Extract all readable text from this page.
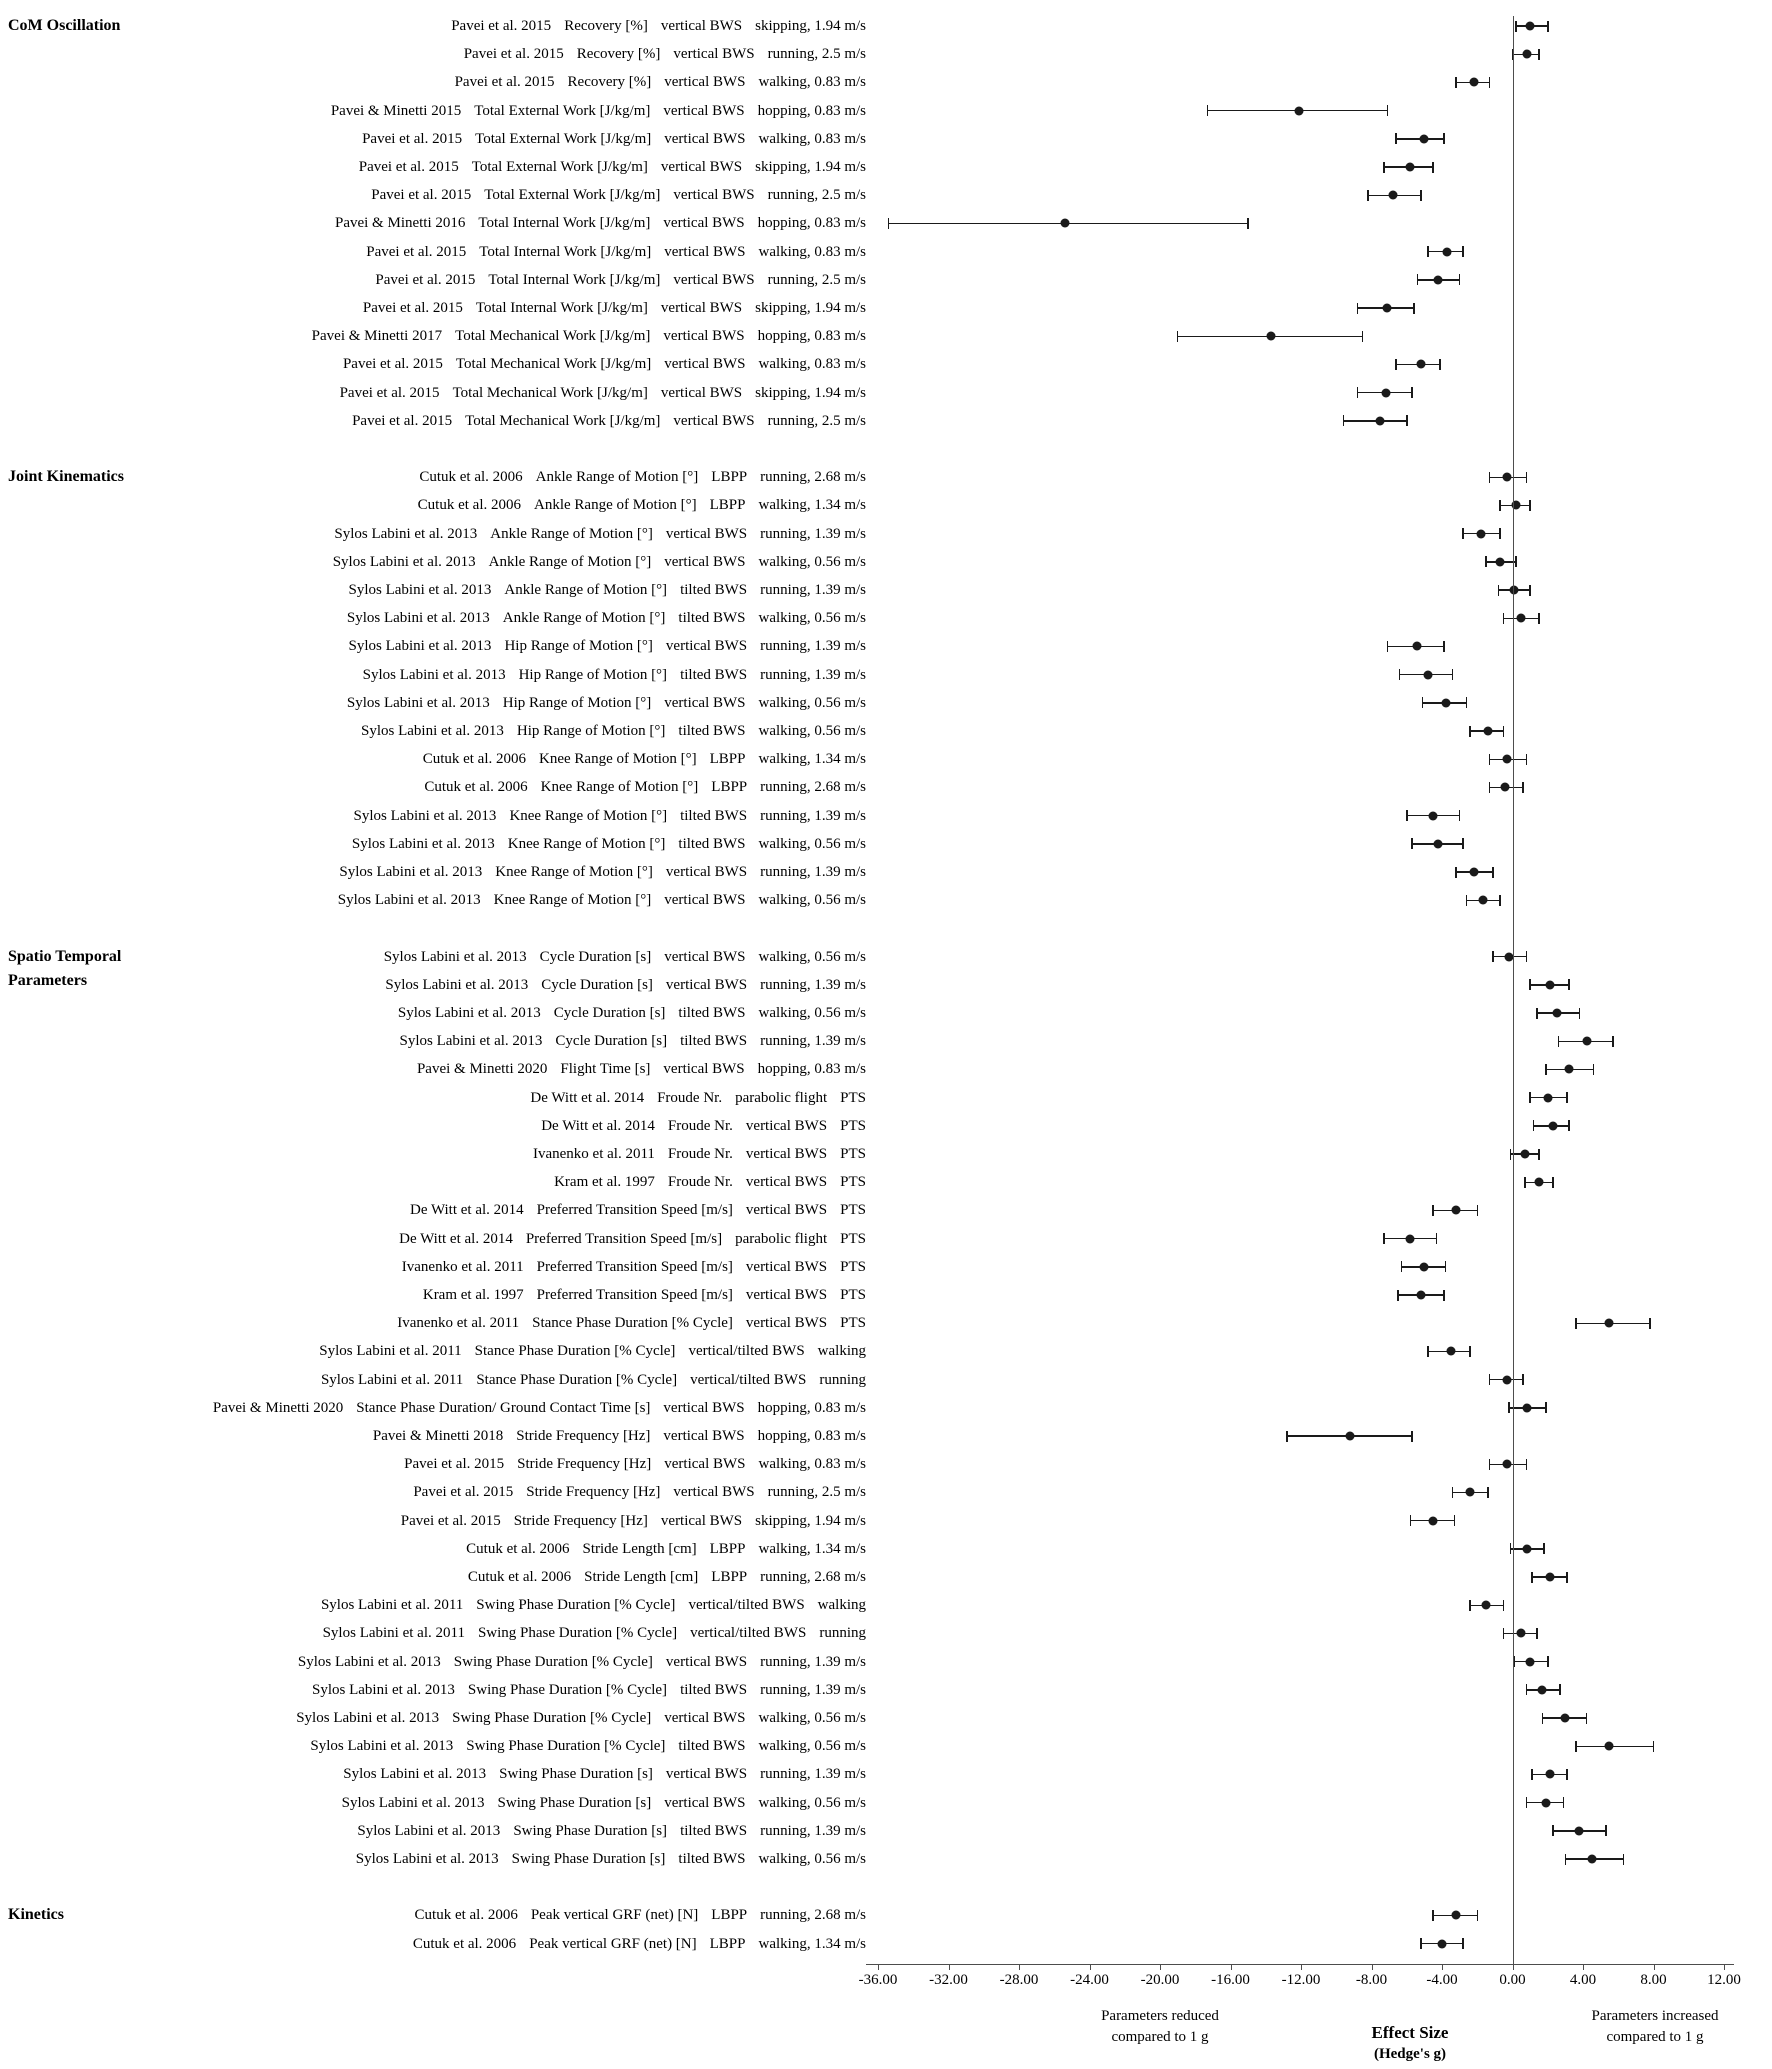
CoM Oscillation	Pavei et al. 2015 Recovery [%] vertical BWS skipping, 1.94 m/s
Pavei et al. 2015 Recovery [%] vertical BWS running, 2.5 m/s
Pavei et al. 2015 Recovery [%] vertical BWS walking, 0.83 m/s
Pavei & Minetti 2015 Total External Work [J/kg/m] vertical BWS hopping, 0.83 m/s
Pavei et al. 2015 Total External Work [J/kg/m] vertical BWS walking, 0.83 m/s
Pavei et al. 2015 Total External Work [J/kg/m] vertical BWS skipping, 1.94 m/s
Pavei et al. 2015 Total External Work [J/kg/m] vertical BWS running, 2.5 m/s
Pavei & Minetti 2016 Total Internal Work [J/kg/m] vertical BWS hopping, 0.83 m/s
Pavei et al. 2015 Total Internal Work [J/kg/m] vertical BWS walking, 0.83 m/s
Pavei et al. 2015 Total Internal Work [J/kg/m] vertical BWS running, 2.5 m/s
Pavei et al. 2015 Total Internal Work [J/kg/m] vertical BWS skipping, 1.94 m/s
Pavei & Minetti 2017 Total Mechanical Work [J/kg/m] vertical BWS hopping, 0.83 m/s
Pavei et al. 2015 Total Mechanical Work [J/kg/m] vertical BWS walking, 0.83 m/s
Pavei et al. 2015 Total Mechanical Work [J/kg/m] vertical BWS skipping, 1.94 m/s
Pavei et al. 2015 Total Mechanical Work [J/kg/m] vertical BWS running, 2.5 m/s
Joint Kinematics	Cutuk et al. 2006 Ankle Range of Motion [°] LBPP running, 2.68 m/s
Cutuk et al. 2006 Ankle Range of Motion [°] LBPP walking, 1.34 m/s
Sylos Labini et al. 2013 Ankle Range of Motion [°] vertical BWS running, 1.39 m/s
Sylos Labini et al. 2013 Ankle Range of Motion [°] vertical BWS walking, 0.56 m/s
Sylos Labini et al. 2013 Ankle Range of Motion [°] tilted BWS running, 1.39 m/s
Sylos Labini et al. 2013 Ankle Range of Motion [°] tilted BWS walking, 0.56 m/s
Sylos Labini et al. 2013 Hip Range of Motion [°] vertical BWS running, 1.39 m/s
Sylos Labini et al. 2013 Hip Range of Motion [°] tilted BWS running, 1.39 m/s
Sylos Labini et al. 2013 Hip Range of Motion [°] vertical BWS walking, 0.56 m/s
Sylos Labini et al. 2013 Hip Range of Motion [°] tilted BWS walking, 0.56 m/s
Cutuk et al. 2006 Knee Range of Motion [°] LBPP walking, 1.34 m/s
Cutuk et al. 2006 Knee Range of Motion [°] LBPP running, 2.68 m/s
Sylos Labini et al. 2013 Knee Range of Motion [°] tilted BWS running, 1.39 m/s
Sylos Labini et al. 2013 Knee Range of Motion [°] tilted BWS walking, 0.56 m/s
Sylos Labini et al. 2013 Knee Range of Motion [°] vertical BWS running, 1.39 m/s
Sylos Labini et al. 2013 Knee Range of Motion [°] vertical BWS walking, 0.56 m/s
Spatio Temporal
Parameters
Sylos Labini et al. 2013 Cycle Duration [s] vertical BWS walking, 0.56 m/s
Sylos Labini et al. 2013 Cycle Duration [s] vertical BWS running, 1.39 m/s
Sylos Labini et al. 2013 Cycle Duration [s] tilted BWS walking, 0.56 m/s
Sylos Labini et al. 2013 Cycle Duration [s] tilted BWS running, 1.39 m/s
Pavei & Minetti 2020 Flight Time [s] vertical BWS hopping, 0.83 m/s
De Witt et al. 2014 Froude Nr. parabolic flight PTS
De Witt et al. 2014 Froude Nr. vertical BWS PTS
Ivanenko et al. 2011 Froude Nr. vertical BWS PTS
Kram et al. 1997 Froude Nr. vertical BWS PTS
De Witt et al. 2014 Preferred Transition Speed [m/s] vertical BWS PTS
De Witt et al. 2014 Preferred Transition Speed [m/s] parabolic flight PTS
Ivanenko et al. 2011 Preferred Transition Speed [m/s] vertical BWS PTS
Kram et al. 1997 Preferred Transition Speed [m/s] vertical BWS PTS
Ivanenko et al. 2011 Stance Phase Duration [% Cycle] vertical BWS PTS
Sylos Labini et al. 2011 Stance Phase Duration [% Cycle] vertical/tilted BWS walking
Sylos Labini et al. 2011 Stance Phase Duration [% Cycle] vertical/tilted BWS running
Pavei & Minetti 2020 Stance Phase Duration/ Ground Contact Time [s] vertical BWS hopping, 0.83 m/s
Pavei & Minetti 2018 Stride Frequency [Hz] vertical BWS hopping, 0.83 m/s
Pavei et al. 2015 Stride Frequency [Hz] vertical BWS walking, 0.83 m/s
Pavei et al. 2015 Stride Frequency [Hz] vertical BWS running, 2.5 m/s
Pavei et al. 2015 Stride Frequency [Hz] vertical BWS skipping, 1.94 m/s
Cutuk et al. 2006 Stride Length [cm] LBPP walking, 1.34 m/s
Cutuk et al. 2006 Stride Length [cm] LBPP running, 2.68 m/s
Sylos Labini et al. 2011 Swing Phase Duration [% Cycle] vertical/tilted BWS walking
Sylos Labini et al. 2011 Swing Phase Duration [% Cycle] vertical/tilted BWS running
Sylos Labini et al. 2013 Swing Phase Duration [% Cycle] vertical BWS running, 1.39 m/s
Sylos Labini et al. 2013 Swing Phase Duration [% Cycle] tilted BWS running, 1.39 m/s
Sylos Labini et al. 2013 Swing Phase Duration [% Cycle] vertical BWS walking, 0.56 m/s
Sylos Labini et al. 2013 Swing Phase Duration [% Cycle] tilted BWS walking, 0.56 m/s
Sylos Labini et al. 2013 Swing Phase Duration [s] vertical BWS running, 1.39 m/s
Sylos Labini et al. 2013 Swing Phase Duration [s] vertical BWS walking, 0.56 m/s
Sylos Labini et al. 2013 Swing Phase Duration [s] tilted BWS running, 1.39 m/s
Sylos Labini et al. 2013 Swing Phase Duration [s] tilted BWS walking, 0.56 m/s
Kinetics	Cutuk et al. 2006 Peak vertical GRF (net) [N] LBPP running, 2.68 m/s
Cutuk et al. 2006 Peak vertical GRF (net) [N] LBPP walking, 1.34 m/s
-36.00 -32.00 -28.00 -24.00 -20.00 -16.00 -12.00 -8.00	-4.00	0.00	4.00	8.00	12.00
Parameters reduced
compared to 1 g	Effect Size
(Hedge's g)
Parameters increased
compared to 1 g
